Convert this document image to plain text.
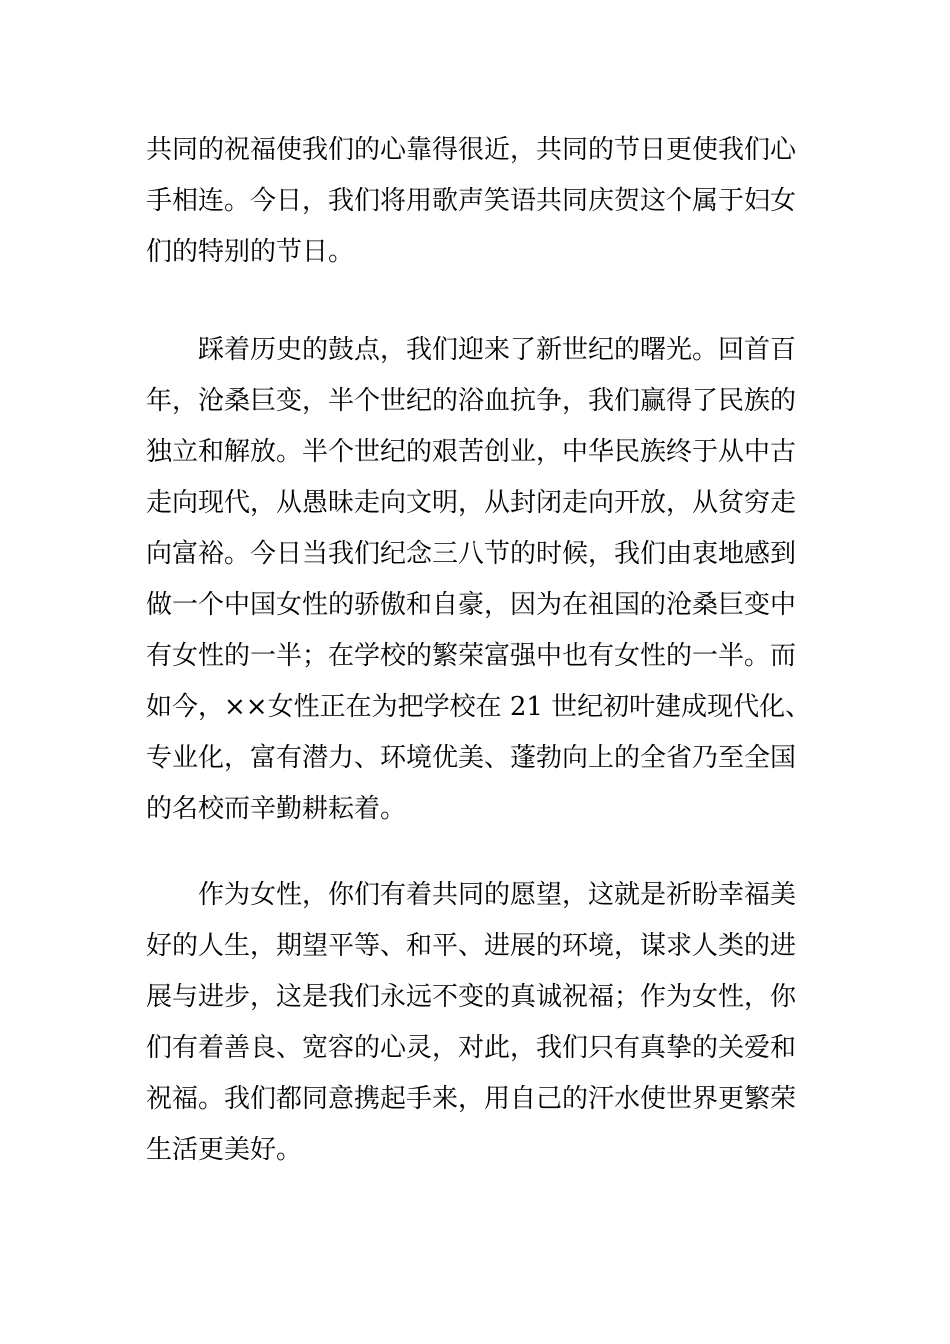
共同的祝福使我们的心靠得很近，共同的节日更使我们心
手相连。今日，我们将用歌声笑语共同庆贺这个属于妇女
们的特别的节日。
踩着历史的鼓点，我们迎来了新世纪的曙光。回首百
年，沧桑巨变，半个世纪的浴血抗争，我们赢得了民族的
独立和解放。半个世纪的艰苦创业，中华民族终于从中古
走向现代，从愚昧走向文明，从封闭走向开放，从贫穷走
向富裕。今日当我们纪念三八节的时候，我们由衷地感到
做一个中国女性的骄傲和自豪，因为在祖国的沧桑巨变中
有女性的一半；在学校的繁荣富强中也有女性的一半。而
如今，××女性正在为把学校在 21 世纪初叶建成现代化、
专业化，富有潜力、环境优美、蓬勃向上的全省乃至全国
的名校而辛勤耕耘着。
作为女性，你们有着共同的愿望，这就是祈盼幸福美
好的人生，期望平等、和平、进展的环境，谋求人类的进
展与进步，这是我们永远不变的真诚祝福；作为女性，你
们有着善良、宽容的心灵，对此，我们只有真挚的关爱和
祝福。我们都同意携起手来，用自己的汗水使世界更繁荣
生活更美好。
